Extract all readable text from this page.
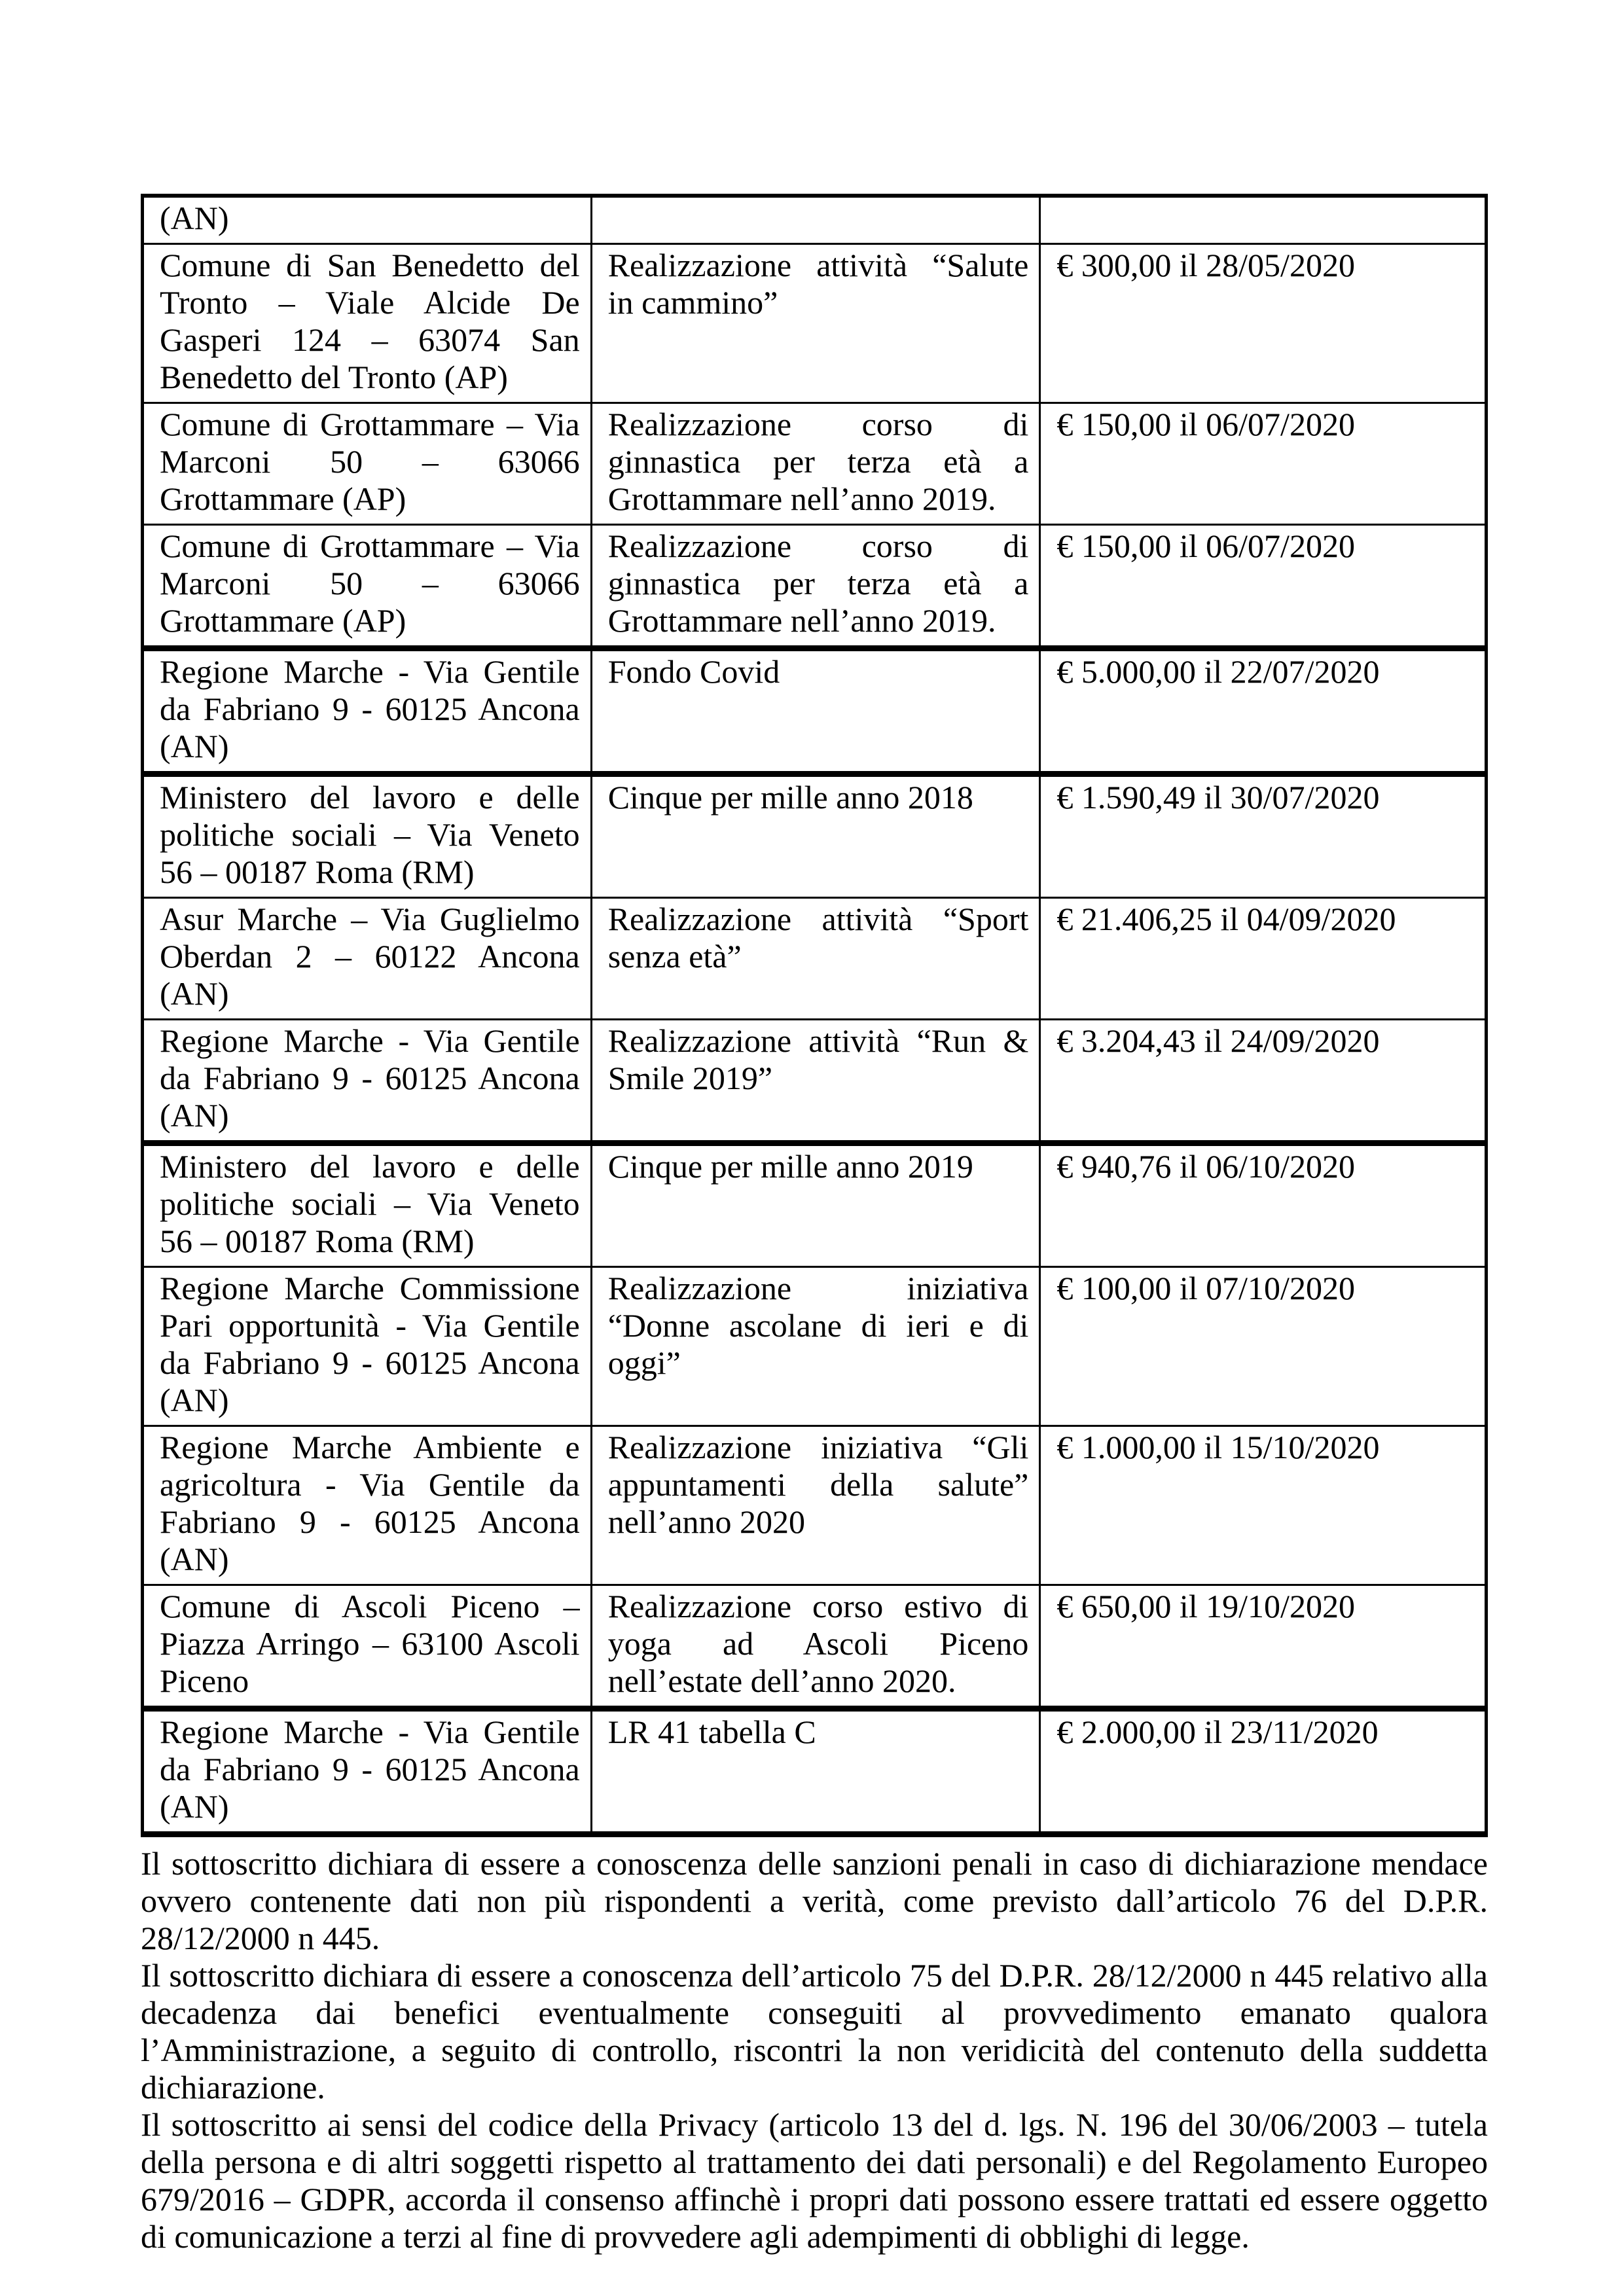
(AN)		
Comune di San Benedetto del Tronto – Viale Alcide De Gasperi 124 – 63074 San Benedetto del Tronto (AP)	Realizzazione attività “Salute in cammino”	€ 300,00 il 28/05/2020
Comune di Grottammare – Via Marconi 50 – 63066 Grottammare (AP)	Realizzazione corso di ginnastica per terza età a Grottammare nell’anno 2019.	€ 150,00 il 06/07/2020
Comune di Grottammare – Via Marconi 50 – 63066 Grottammare (AP)	Realizzazione corso di ginnastica per terza età a Grottammare nell’anno 2019.	€ 150,00 il 06/07/2020
Regione Marche - Via Gentile da Fabriano 9 - 60125 Ancona (AN)	Fondo Covid	€ 5.000,00 il 22/07/2020
Ministero del lavoro e delle politiche sociali – Via Veneto 56 – 00187 Roma (RM)	Cinque per mille anno 2018	€ 1.590,49 il 30/07/2020
Asur Marche – Via Guglielmo Oberdan 2 – 60122 Ancona (AN)	Realizzazione attività “Sport senza età”	€ 21.406,25 il 04/09/2020
Regione Marche - Via Gentile da Fabriano 9 - 60125 Ancona (AN)	Realizzazione attività “Run & Smile 2019”	€ 3.204,43 il 24/09/2020
Ministero del lavoro e delle politiche sociali – Via Veneto 56 – 00187 Roma (RM)	Cinque per mille anno 2019	€ 940,76 il 06/10/2020
Regione Marche Commissione Pari opportunità - Via Gentile da Fabriano 9 - 60125 Ancona (AN)	Realizzazione iniziativa “Donne ascolane di ieri e di oggi”	€ 100,00 il 07/10/2020
Regione Marche Ambiente e agricoltura - Via Gentile da Fabriano 9 - 60125 Ancona (AN)	Realizzazione iniziativa “Gli appuntamenti della salute” nell’anno 2020	€ 1.000,00 il 15/10/2020
Comune di Ascoli Piceno – Piazza Arringo – 63100 Ascoli Piceno	Realizzazione corso estivo di yoga ad Ascoli Piceno nell’estate dell’anno 2020.	€ 650,00 il 19/10/2020
Regione Marche - Via Gentile da Fabriano 9 - 60125 Ancona (AN)	LR 41 tabella C	€ 2.000,00 il 23/11/2020

Il sottoscritto dichiara di essere a conoscenza delle sanzioni penali in caso di dichiarazione mendace ovvero contenente dati non più rispondenti a verità, come previsto dall’articolo 76 del D.P.R. 28/12/2000 n 445.

Il sottoscritto dichiara di essere a conoscenza dell’articolo 75 del D.P.R. 28/12/2000 n 445 relativo alla decadenza dai benefici eventualmente conseguiti al provvedimento emanato qualora l’Amministrazione, a seguito di controllo, riscontri la non veridicità del contenuto della suddetta dichiarazione.

Il sottoscritto ai sensi del codice della Privacy (articolo 13 del d. lgs. N. 196 del 30/06/2003 – tutela della persona e di altri soggetti rispetto al trattamento dei dati personali) e del Regolamento Europeo 679/2016 – GDPR, accorda il consenso affinchè i propri dati possono essere trattati ed essere oggetto di comunicazione a terzi al fine di provvedere agli adempimenti di obblighi di legge.
